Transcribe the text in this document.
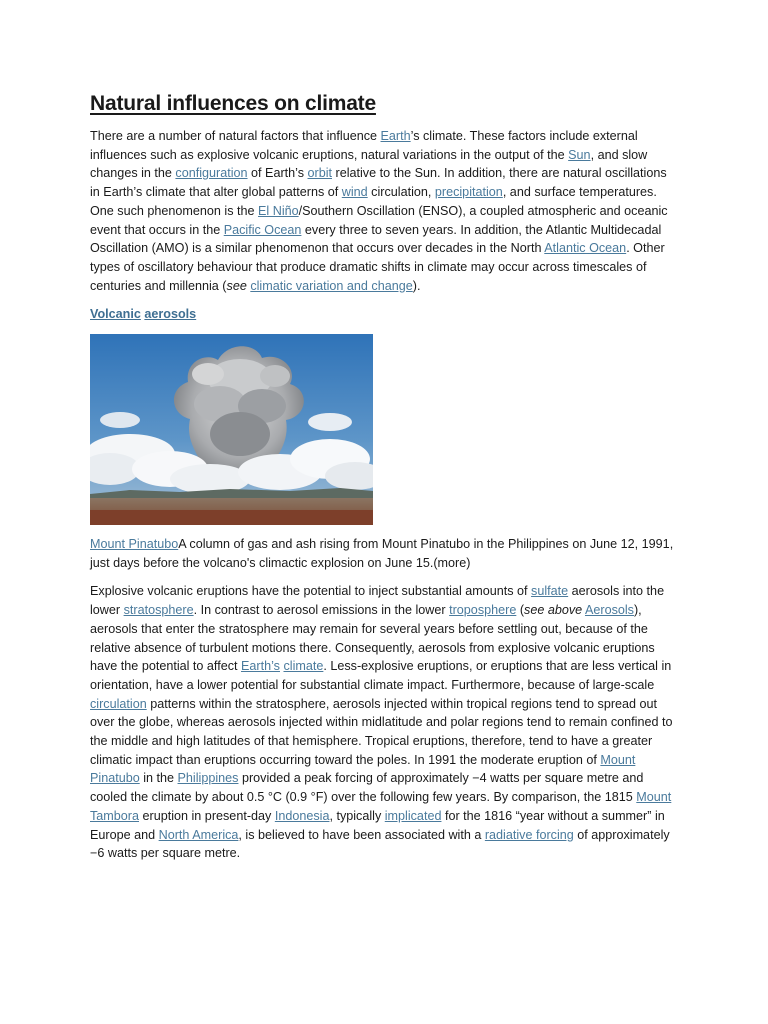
Natural influences on climate

There are a number of natural factors that influence Earth’s climate. These factors include external influences such as explosive volcanic eruptions, natural variations in the output of the Sun, and slow changes in the configuration of Earth’s orbit relative to the Sun. In addition, there are natural oscillations in Earth’s climate that alter global patterns of wind circulation, precipitation, and surface temperatures. One such phenomenon is the El Niño/Southern Oscillation (ENSO), a coupled atmospheric and oceanic event that occurs in the Pacific Ocean every three to seven years. In addition, the Atlantic Multidecadal Oscillation (AMO) is a similar phenomenon that occurs over decades in the North Atlantic Ocean. Other types of oscillatory behaviour that produce dramatic shifts in climate may occur across timescales of centuries and millennia (see climatic variation and change).

Volcanic aerosols

Mount PinatuboA column of gas and ash rising from Mount Pinatubo in the Philippines on June 12, 1991, just days before the volcano's climactic explosion on June 15.(more)

Explosive volcanic eruptions have the potential to inject substantial amounts of sulfate aerosols into the lower stratosphere. In contrast to aerosol emissions in the lower troposphere (see above Aerosols), aerosols that enter the stratosphere may remain for several years before settling out, because of the relative absence of turbulent motions there. Consequently, aerosols from explosive volcanic eruptions have the potential to affect Earth’s climate. Less-explosive eruptions, or eruptions that are less vertical in orientation, have a lower potential for substantial climate impact. Furthermore, because of large-scale circulation patterns within the stratosphere, aerosols injected within tropical regions tend to spread out over the globe, whereas aerosols injected within midlatitude and polar regions tend to remain confined to the middle and high latitudes of that hemisphere. Tropical eruptions, therefore, tend to have a greater climatic impact than eruptions occurring toward the poles. In 1991 the moderate eruption of Mount Pinatubo in the Philippines provided a peak forcing of approximately −4 watts per square metre and cooled the climate by about 0.5 °C (0.9 °F) over the following few years. By comparison, the 1815 Mount Tambora eruption in present-day Indonesia, typically implicated for the 1816 “year without a summer” in Europe and North America, is believed to have been associated with a radiative forcing of approximately −6 watts per square metre.
